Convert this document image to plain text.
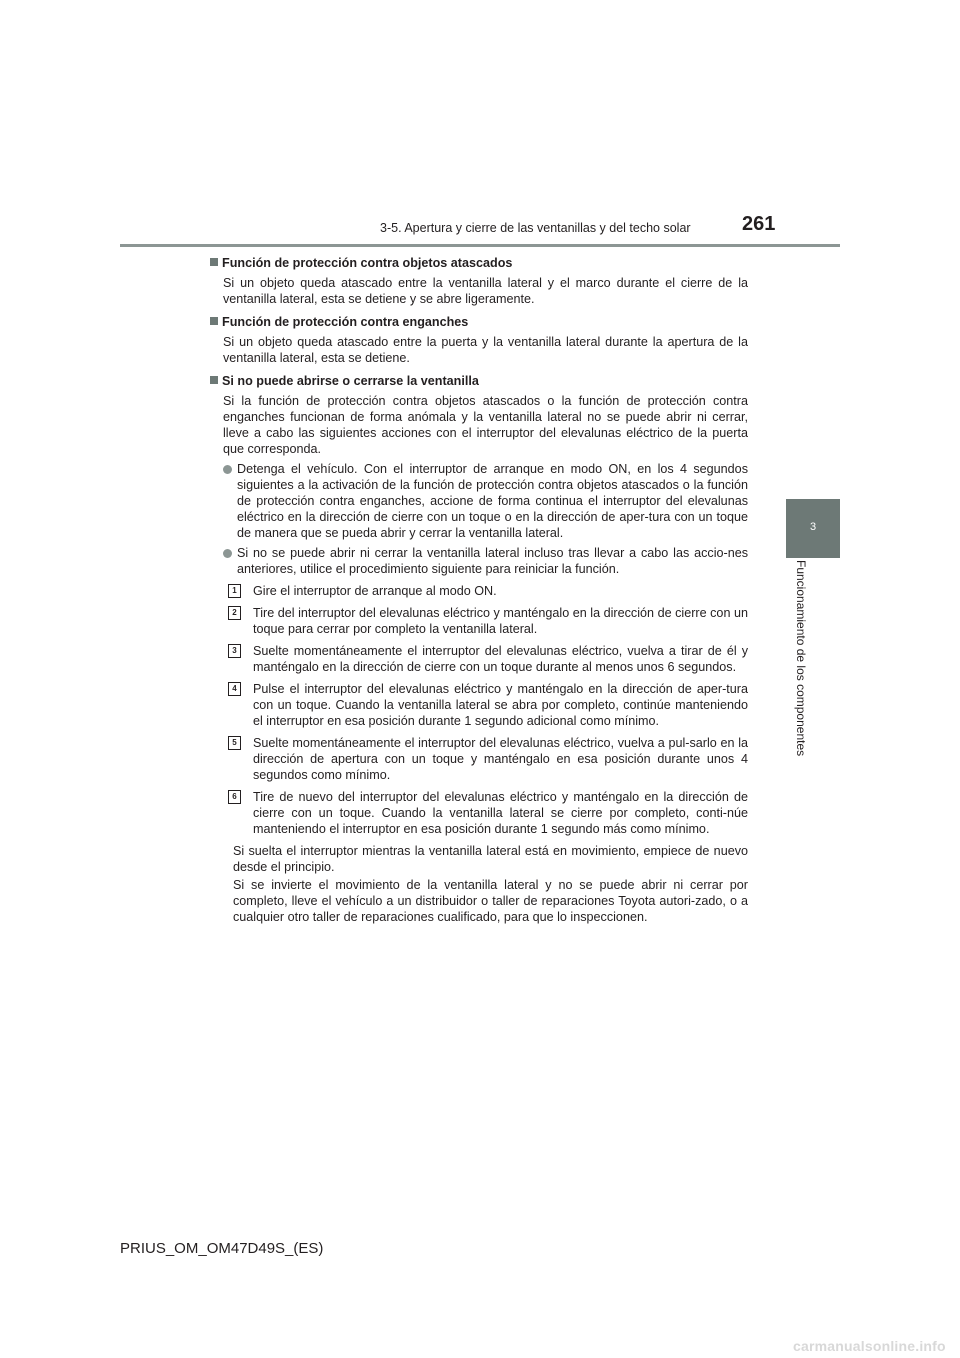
3-5. Apertura y cierre de las ventanillas y del techo solar	261
3
Funcionamiento de los componentes
Función de protección contra objetos atascados
Si un objeto queda atascado entre la ventanilla lateral y el marco durante el cierre de la ventanilla lateral, esta se detiene y se abre ligeramente.
Función de protección contra enganches
Si un objeto queda atascado entre la puerta y la ventanilla lateral durante la apertura de la ventanilla lateral, esta se detiene.
Si no puede abrirse o cerrarse la ventanilla
Si la función de protección contra objetos atascados o la función de protección contra enganches funcionan de forma anómala y la ventanilla lateral no se puede abrir ni cerrar, lleve a cabo las siguientes acciones con el interruptor del elevalunas eléctrico de la puerta que corresponda.
Detenga el vehículo. Con el interruptor de arranque en modo ON, en los 4 segundos siguientes a la activación de la función de protección contra objetos atascados o la función de protección contra enganches, accione de forma continua el interruptor del elevalunas eléctrico en la dirección de cierre con un toque o en la dirección de aper-tura con un toque de manera que se pueda abrir y cerrar la ventanilla lateral.
Si no se puede abrir ni cerrar la ventanilla lateral incluso tras llevar a cabo las accio-nes anteriores, utilice el procedimiento siguiente para reiniciar la función.
1	Gire el interruptor de arranque al modo ON.
2	Tire del interruptor del elevalunas eléctrico y manténgalo en la dirección de cierre con un toque para cerrar por completo la ventanilla lateral.
3	Suelte momentáneamente el interruptor del elevalunas eléctrico, vuelva a tirar de él y manténgalo en la dirección de cierre con un toque durante al menos unos 6 segundos.
4	Pulse el interruptor del elevalunas eléctrico y manténgalo en la dirección de aper-tura con un toque. Cuando la ventanilla lateral se abra por completo, continúe manteniendo el interruptor en esa posición durante 1 segundo adicional como mínimo.
5	Suelte momentáneamente el interruptor del elevalunas eléctrico, vuelva a pul-sarlo en la dirección de apertura con un toque y manténgalo en esa posición durante unos 4 segundos como mínimo.
6	Tire de nuevo del interruptor del elevalunas eléctrico y manténgalo en la dirección de cierre con un toque. Cuando la ventanilla lateral se cierre por completo, conti-núe manteniendo el interruptor en esa posición durante 1 segundo más como mínimo.
Si suelta el interruptor mientras la ventanilla lateral está en movimiento, empiece de nuevo desde el principio.
Si se invierte el movimiento de la ventanilla lateral y no se puede abrir ni cerrar por completo, lleve el vehículo a un distribuidor o taller de reparaciones Toyota autori-zado, o a cualquier otro taller de reparaciones cualificado, para que lo inspeccionen.
PRIUS_OM_OM47D49S_(ES)
carmanualsonline.info
